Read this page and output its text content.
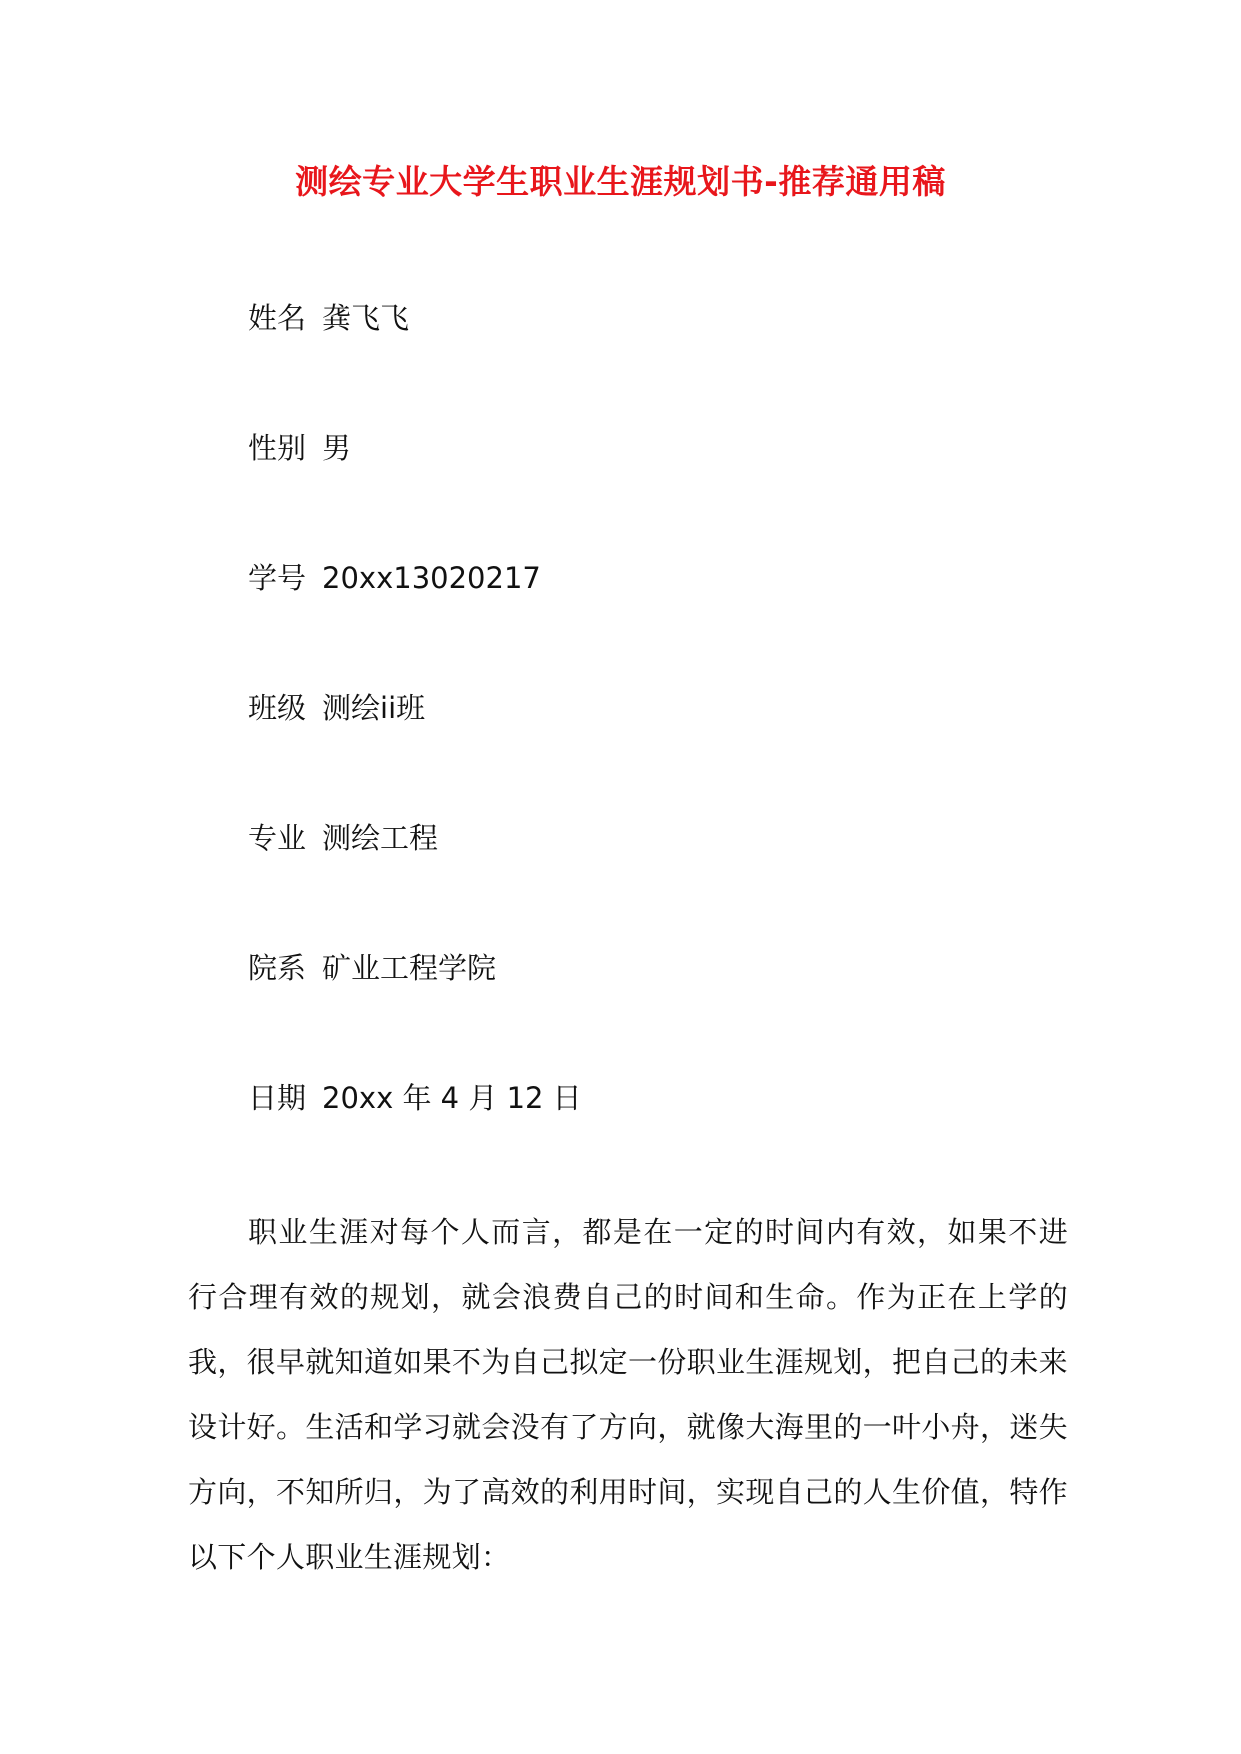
测绘专业大学生职业生涯规划书-推荐通用稿
姓名 龚飞飞
性别 男
学号 20xx13020217
班级 测绘ii班
专业 测绘工程
院系 矿业工程学院
日期 20xx 年 4 月 12 日

职业生涯对每个人而言，都是在一定的时间内有效，如果不进行合理有效的规划，就会浪费自己的时间和生命。作为正在上学的我，很早就知道如果不为自己拟定一份职业生涯规划，把自己的未来设计好。生活和学习就会没有了方向，就像大海里的一叶小舟，迷失方向，不知所归，为了高效的利用时间，实现自己的人生价值，特作以下个人职业生涯规划：
